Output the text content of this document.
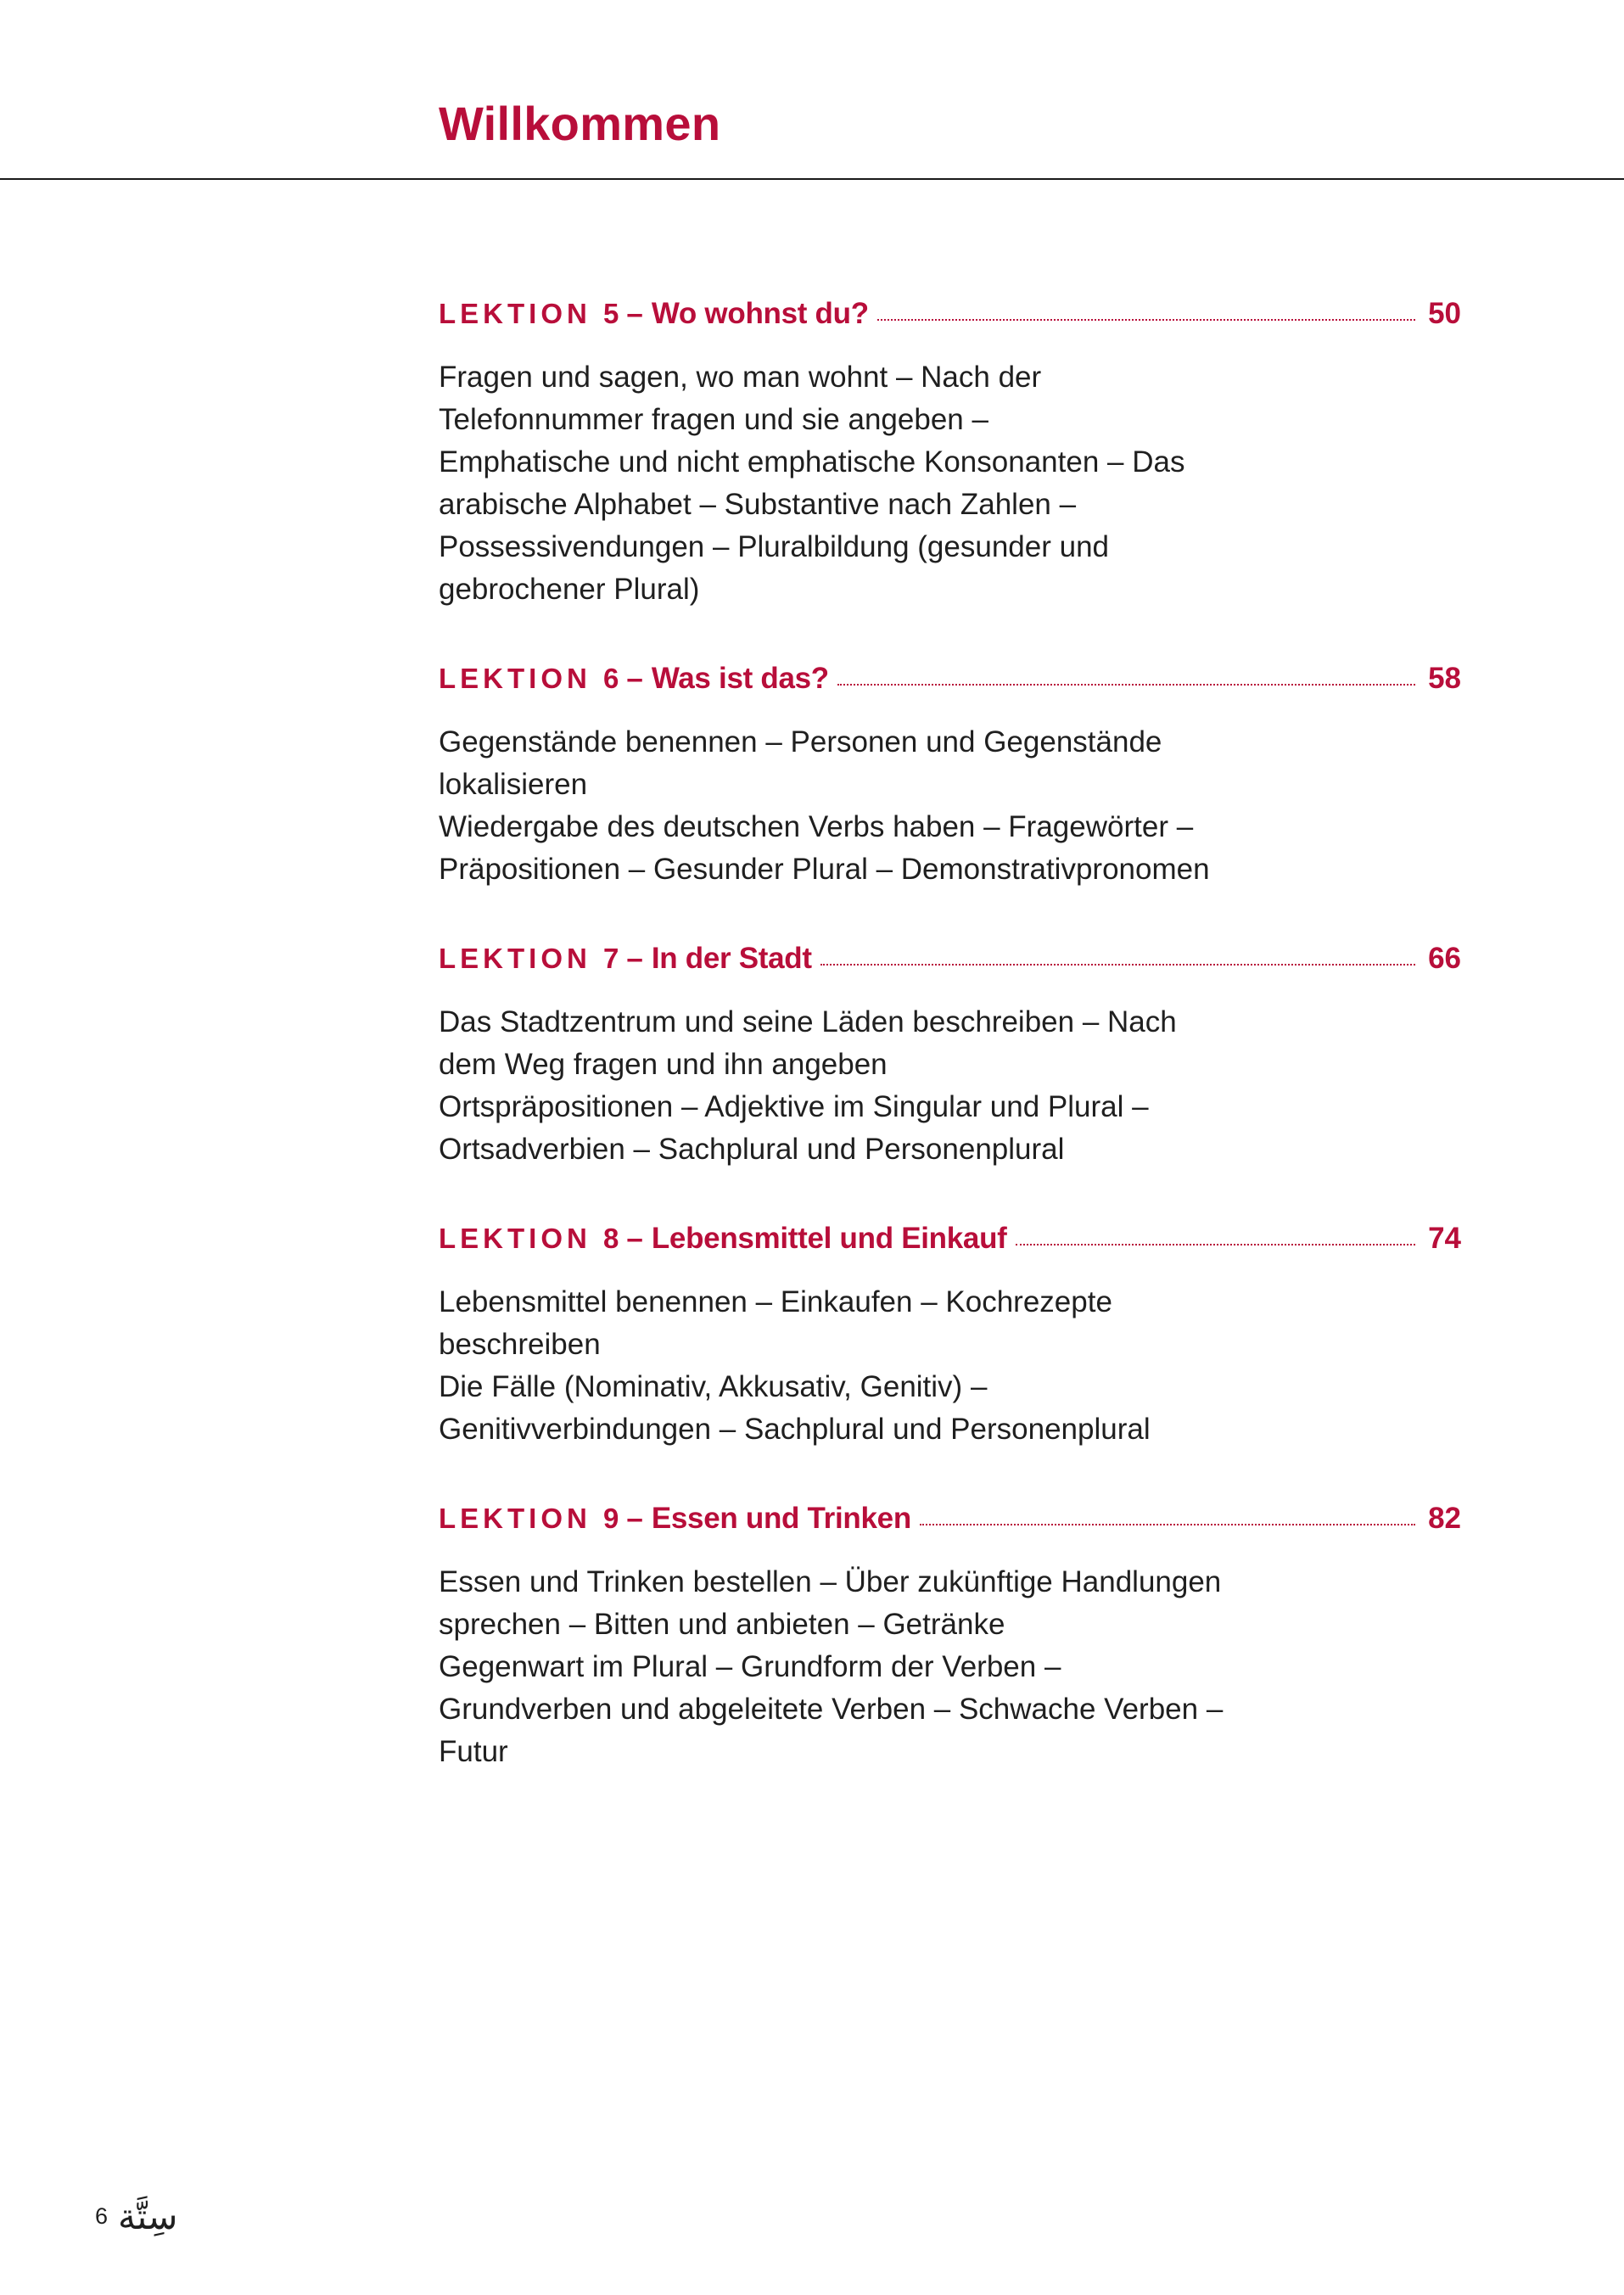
Willkommen
LEKTION 5 – Wo wohnst du?	50
Fragen und sagen, wo man wohnt – Nach der
Telefonnummer fragen und sie angeben –
Emphatische und nicht emphatische Konsonanten – Das
arabische Alphabet – Substantive nach Zahlen –
Possessivendungen – Pluralbildung (gesunder und
gebrochener Plural)
LEKTION 6 – Was ist das?	58
Gegenstände benennen – Personen und Gegenstände
lokalisieren
Wiedergabe des deutschen Verbs haben – Fragewörter –
Präpositionen – Gesunder Plural – Demonstrativpronomen
LEKTION 7 – In der Stadt	66
Das Stadtzentrum und seine Läden beschreiben – Nach
dem Weg fragen und ihn angeben
Ortspräpositionen – Adjektive im Singular und Plural –
Ortsadverbien – Sachplural und Personenplural
LEKTION 8 – Lebensmittel und Einkauf	74
Lebensmittel benennen – Einkaufen – Kochrezepte
beschreiben
Die Fälle (Nominativ, Akkusativ, Genitiv) –
Genitivverbindungen – Sachplural und Personenplural
LEKTION 9 – Essen und Trinken	82
Essen und Trinken bestellen – Über zukünftige Handlungen
sprechen – Bitten und anbieten – Getränke
Gegenwart im Plural – Grundform der Verben –
Grundverben und abgeleitete Verben – Schwache Verben –
Futur
6 سِتَّة
